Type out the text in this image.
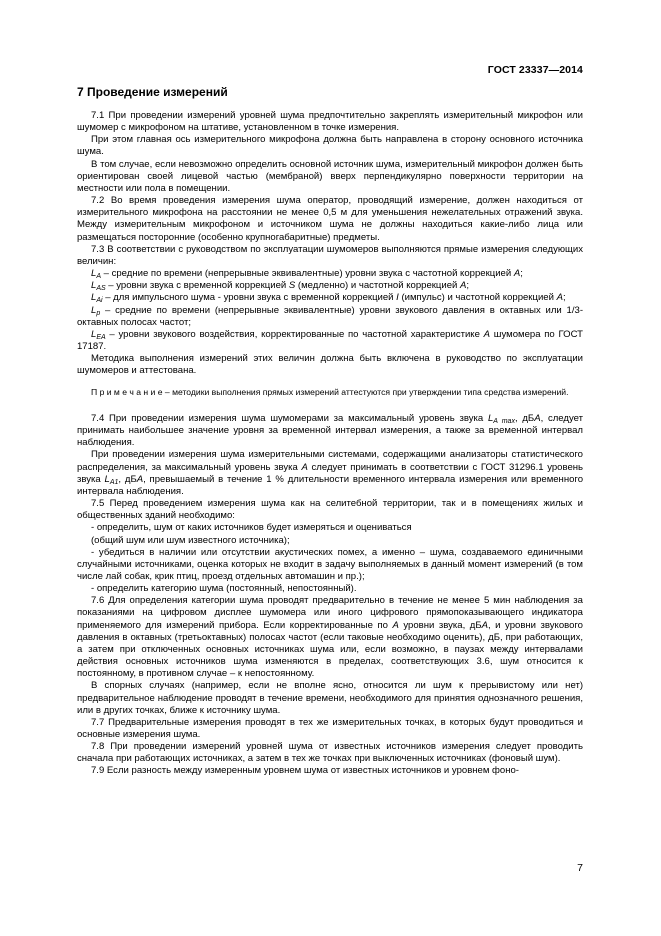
ГОСТ 23337—2014
7 Проведение измерений

7.1 При проведении измерений уровней шума предпочтительно закреплять измерительный микрофон или шумомер с микрофоном на штативе, установленном в точке измерения.

При этом главная ось измерительного микрофона должна быть направлена в сторону основного источника шума.

В том случае, если невозможно определить основной источник шума, измерительный микрофон должен быть ориентирован своей лицевой частью (мембраной) вверх перпендикулярно поверхности территории на местности или пола в помещении.

7.2 Во время проведения измерения шума оператор, проводящий измерение, должен находиться от измерительного микрофона на расстоянии не менее 0,5 м для уменьшения нежелательных отражений звука. Между измерительным микрофоном и источником шума не должны находиться какие-либо лица или размещаться посторонние (особенно крупногабаритные) предметы.

7.3 В соответствии с руководством по эксплуатации шумомеров выполняются прямые измерения следующих величин:

$L_A$ – средние по времени (непрерывные эквивалентные) уровни звука с частотной коррекцией A;

$L_{AS}$ – уровни звука с временной коррекцией S (медленно) и частотной коррекцией A;

$L_{Ai}$ – для импульсного шума - уровни звука с временной коррекцией I (импульс) и частотной коррекцией A;

$L_p$ – средние по времени (непрерывные эквивалентные) уровни звукового давления в октавных или 1/3-октавных полосах частот;

$L_{EA}$ – уровни звукового воздействия, корректированные по частотной характеристике A шумомера по ГОСТ 17187.

Методика выполнения измерений этих величин должна быть включена в руководство по эксплуатации шумомеров и аттестована.

П р и м е ч а н и е – методики выполнения прямых измерений аттестуются при утверждении типа средства измерений.

7.4 При проведении измерения шума шумомерами за максимальный уровень звука $L_{A max}$, дБA, следует принимать наибольшее значение уровня за временной интервал измерения, а также за временной интервал наблюдения.

При проведении измерения шума измерительными системами, содержащими анализаторы статистического распределения, за максимальный уровень звука A следует принимать в соответствии с ГОСТ 31296.1 уровень звука $L_{A1}$, дБA, превышаемый в течение 1 % длительности временного интервала измерения или временного интервала наблюдения.

7.5 Перед проведением измерения шума как на селитебной территории, так и в помещениях жилых и общественных зданий необходимо:

- определить, шум от каких источников будет измеряться и оцениваться

(общий шум или шум известного источника);

- убедиться в наличии или отсутствии акустических помех, а именно – шума, создаваемого единичными случайными источниками, оценка которых не входит в задачу выполняемых в данный момент измерений (в том числе лай собак, крик птиц, проезд отдельных автомашин и пр.);

- определить категорию шума (постоянный, непостоянный).

7.6 Для определения категории шума проводят предварительно в течение не менее 5 мин наблюдения за показаниями на цифровом дисплее шумомера или иного цифрового прямопоказывающего индикатора применяемого для измерений прибора. Если корректированные по A уровни звука, дБA, и уровни звукового давления в октавных (третьоктавных) полосах частот (если таковые необходимо оценить), дБ, при работающих, а затем при отключенных основных источниках шума или, если возможно, в паузах между интервалами действия основных источников шума изменяются в пределах, соответствующих 3.6, шум относится к постоянному, в противном случае – к непостоянному.

В спорных случаях (например, если не вполне ясно, относится ли шум к прерывистому или нет) предварительное наблюдение проводят в течение времени, необходимого для принятия однозначного решения, или в других точках, ближе к источнику шума.

7.7 Предварительные измерения проводят в тех же измерительных точках, в которых будут проводиться и основные измерения шума.

7.8 При проведении измерений уровней шума от известных источников измерения следует проводить сначала при работающих источниках, а затем в тех же точках при выключенных источниках (фоновый шум).

7.9 Если разность между измеренным уровнем шума от известных источников и уровнем фоно-

7
